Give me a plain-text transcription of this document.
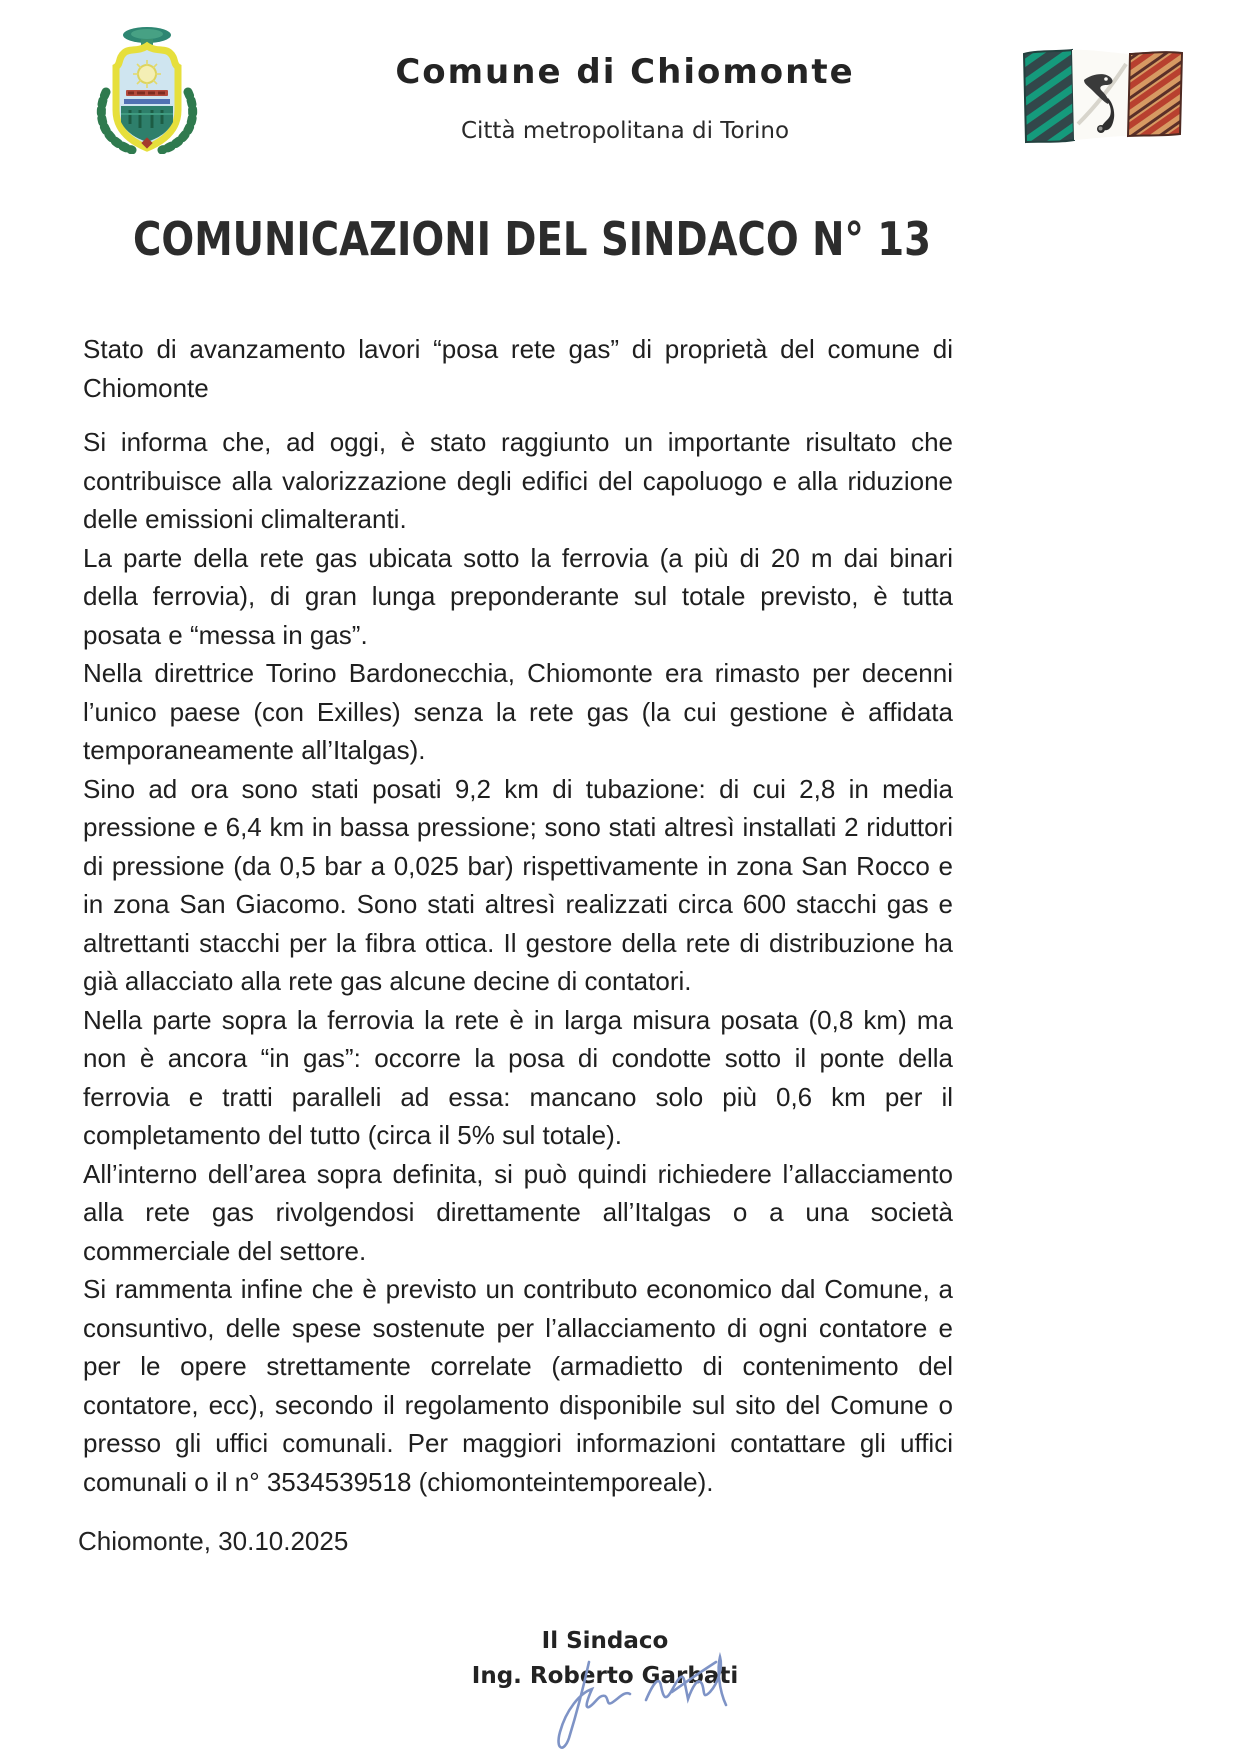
Comune di Chiomonte
Città metropolitana di Torino
COMUNICAZIONI DEL SINDACO N° 13

Stato di avanzamento lavori “posa rete gas” di proprietà del comune di Chiomonte

Si informa che, ad oggi, è stato raggiunto un importante risultato che contribuisce alla valorizzazione degli edifici del capoluogo e alla riduzione delle emissioni climalteranti.

La parte della rete gas ubicata sotto la ferrovia (a più di 20 m dai binari della ferrovia), di gran lunga preponderante sul totale previsto, è tutta posata e “messa in gas”.

Nella direttrice Torino Bardonecchia, Chiomonte era rimasto per decenni l’unico paese (con Exilles) senza la rete gas (la cui gestione è affidata temporaneamente all’Italgas).

Sino ad ora sono stati posati 9,2 km di tubazione: di cui 2,8 in media pressione e 6,4 km in bassa pressione; sono stati altresì installati 2 riduttori di pressione (da 0,5 bar a 0,025 bar) rispettivamente in zona San Rocco e in zona San Giacomo. Sono stati altresì realizzati circa 600 stacchi gas e altrettanti stacchi per la fibra ottica. Il gestore della rete di distribuzione ha già allacciato alla rete gas alcune decine di contatori.

Nella parte sopra la ferrovia la rete è in larga misura posata (0,8 km) ma non è ancora “in gas”: occorre la posa di condotte sotto il ponte della ferrovia e tratti paralleli ad essa: mancano solo più 0,6 km per il completamento del tutto (circa il 5% sul totale).

All’interno dell’area sopra definita, si può quindi richiedere l’allacciamento alla rete gas rivolgendosi direttamente all’Italgas o a una società commerciale del settore.

Si rammenta infine che è previsto un contributo economico dal Comune, a consuntivo, delle spese sostenute per l’allacciamento di ogni contatore e per le opere strettamente correlate (armadietto di contenimento del contatore, ecc), secondo il regolamento disponibile sul sito del Comune o presso gli uffici comunali. Per maggiori informazioni contattare gli uffici comunali o il n° 3534539518 (chiomonteintemporeale).

Chiomonte, 30.10.2025
Il Sindaco
Ing. Roberto Garbati
